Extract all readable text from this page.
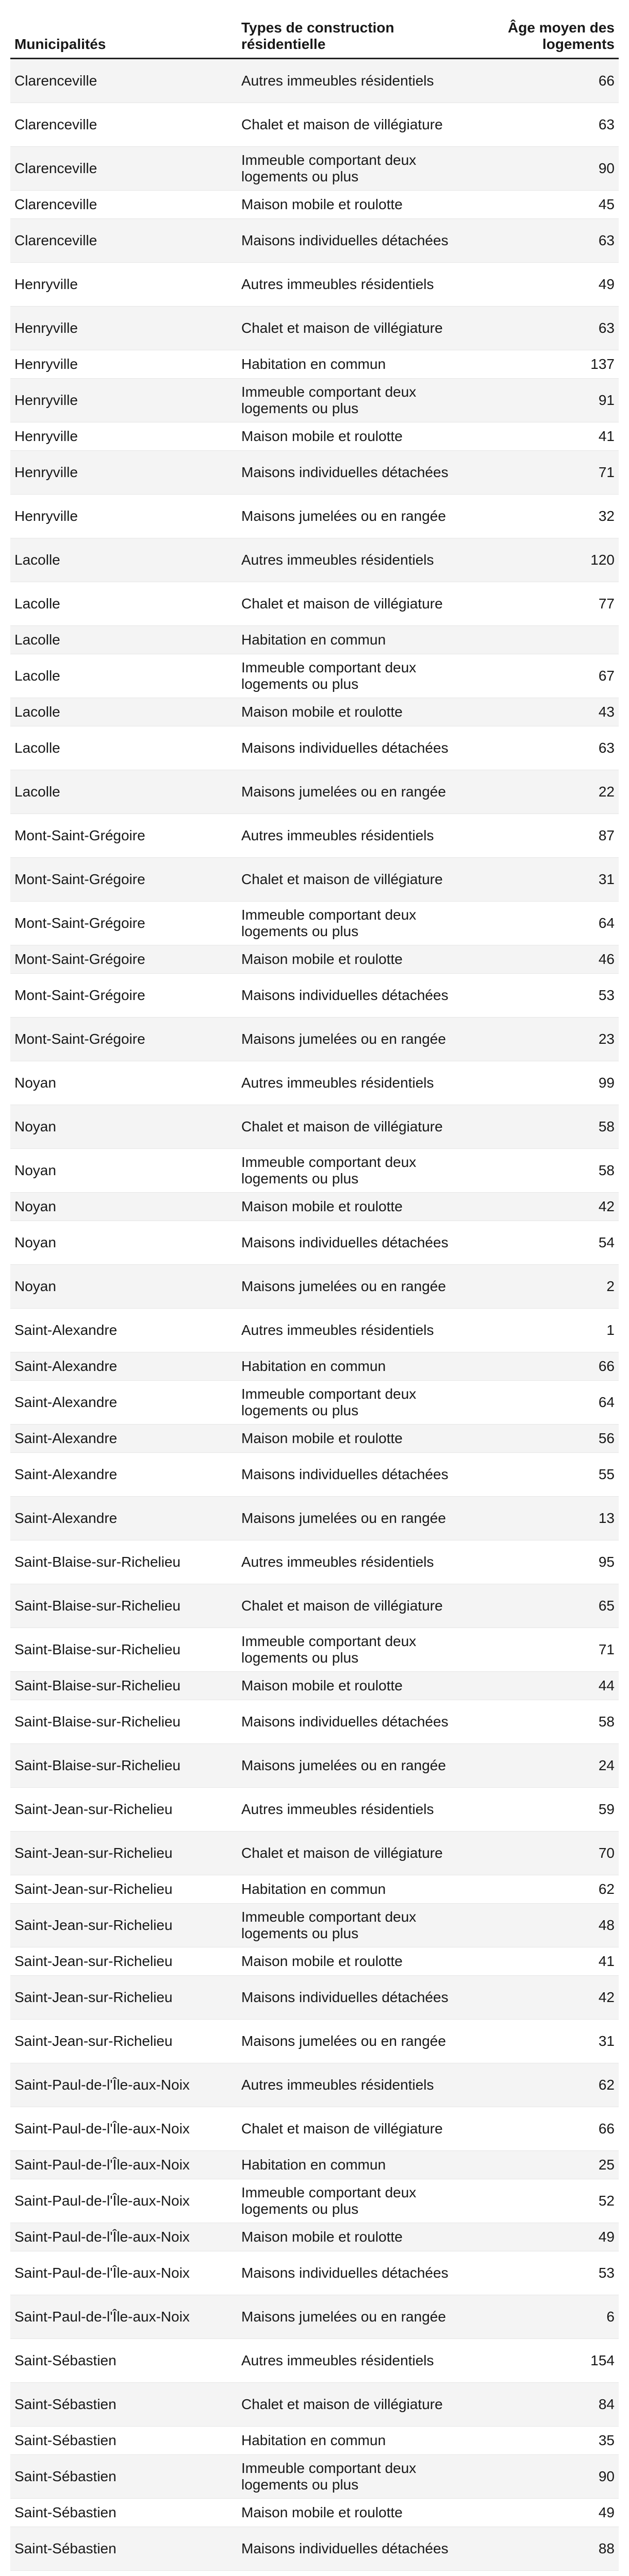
Municipalités	Types de construction résidentielle	Âge moyen des logements
Clarenceville	Autres immeubles résidentiels	66
Clarenceville	Chalet et maison de villégiature	63
Clarenceville	Immeuble comportant deux logements ou plus	90
Clarenceville	Maison mobile et roulotte	45
Clarenceville	Maisons individuelles détachées	63
Henryville	Autres immeubles résidentiels	49
Henryville	Chalet et maison de villégiature	63
Henryville	Habitation en commun	137
Henryville	Immeuble comportant deux logements ou plus	91
Henryville	Maison mobile et roulotte	41
Henryville	Maisons individuelles détachées	71
Henryville	Maisons jumelées ou en rangée	32
Lacolle	Autres immeubles résidentiels	120
Lacolle	Chalet et maison de villégiature	77
Lacolle	Habitation en commun	
Lacolle	Immeuble comportant deux logements ou plus	67
Lacolle	Maison mobile et roulotte	43
Lacolle	Maisons individuelles détachées	63
Lacolle	Maisons jumelées ou en rangée	22
Mont-Saint-Grégoire	Autres immeubles résidentiels	87
Mont-Saint-Grégoire	Chalet et maison de villégiature	31
Mont-Saint-Grégoire	Immeuble comportant deux logements ou plus	64
Mont-Saint-Grégoire	Maison mobile et roulotte	46
Mont-Saint-Grégoire	Maisons individuelles détachées	53
Mont-Saint-Grégoire	Maisons jumelées ou en rangée	23
Noyan	Autres immeubles résidentiels	99
Noyan	Chalet et maison de villégiature	58
Noyan	Immeuble comportant deux logements ou plus	58
Noyan	Maison mobile et roulotte	42
Noyan	Maisons individuelles détachées	54
Noyan	Maisons jumelées ou en rangée	2
Saint-Alexandre	Autres immeubles résidentiels	1
Saint-Alexandre	Habitation en commun	66
Saint-Alexandre	Immeuble comportant deux logements ou plus	64
Saint-Alexandre	Maison mobile et roulotte	56
Saint-Alexandre	Maisons individuelles détachées	55
Saint-Alexandre	Maisons jumelées ou en rangée	13
Saint-Blaise-sur-Richelieu	Autres immeubles résidentiels	95
Saint-Blaise-sur-Richelieu	Chalet et maison de villégiature	65
Saint-Blaise-sur-Richelieu	Immeuble comportant deux logements ou plus	71
Saint-Blaise-sur-Richelieu	Maison mobile et roulotte	44
Saint-Blaise-sur-Richelieu	Maisons individuelles détachées	58
Saint-Blaise-sur-Richelieu	Maisons jumelées ou en rangée	24
Saint-Jean-sur-Richelieu	Autres immeubles résidentiels	59
Saint-Jean-sur-Richelieu	Chalet et maison de villégiature	70
Saint-Jean-sur-Richelieu	Habitation en commun	62
Saint-Jean-sur-Richelieu	Immeuble comportant deux logements ou plus	48
Saint-Jean-sur-Richelieu	Maison mobile et roulotte	41
Saint-Jean-sur-Richelieu	Maisons individuelles détachées	42
Saint-Jean-sur-Richelieu	Maisons jumelées ou en rangée	31
Saint-Paul-de-l'Île-aux-Noix	Autres immeubles résidentiels	62
Saint-Paul-de-l'Île-aux-Noix	Chalet et maison de villégiature	66
Saint-Paul-de-l'Île-aux-Noix	Habitation en commun	25
Saint-Paul-de-l'Île-aux-Noix	Immeuble comportant deux logements ou plus	52
Saint-Paul-de-l'Île-aux-Noix	Maison mobile et roulotte	49
Saint-Paul-de-l'Île-aux-Noix	Maisons individuelles détachées	53
Saint-Paul-de-l'Île-aux-Noix	Maisons jumelées ou en rangée	6
Saint-Sébastien	Autres immeubles résidentiels	154
Saint-Sébastien	Chalet et maison de villégiature	84
Saint-Sébastien	Habitation en commun	35
Saint-Sébastien	Immeuble comportant deux logements ou plus	90
Saint-Sébastien	Maison mobile et roulotte	49
Saint-Sébastien	Maisons individuelles détachées	88
